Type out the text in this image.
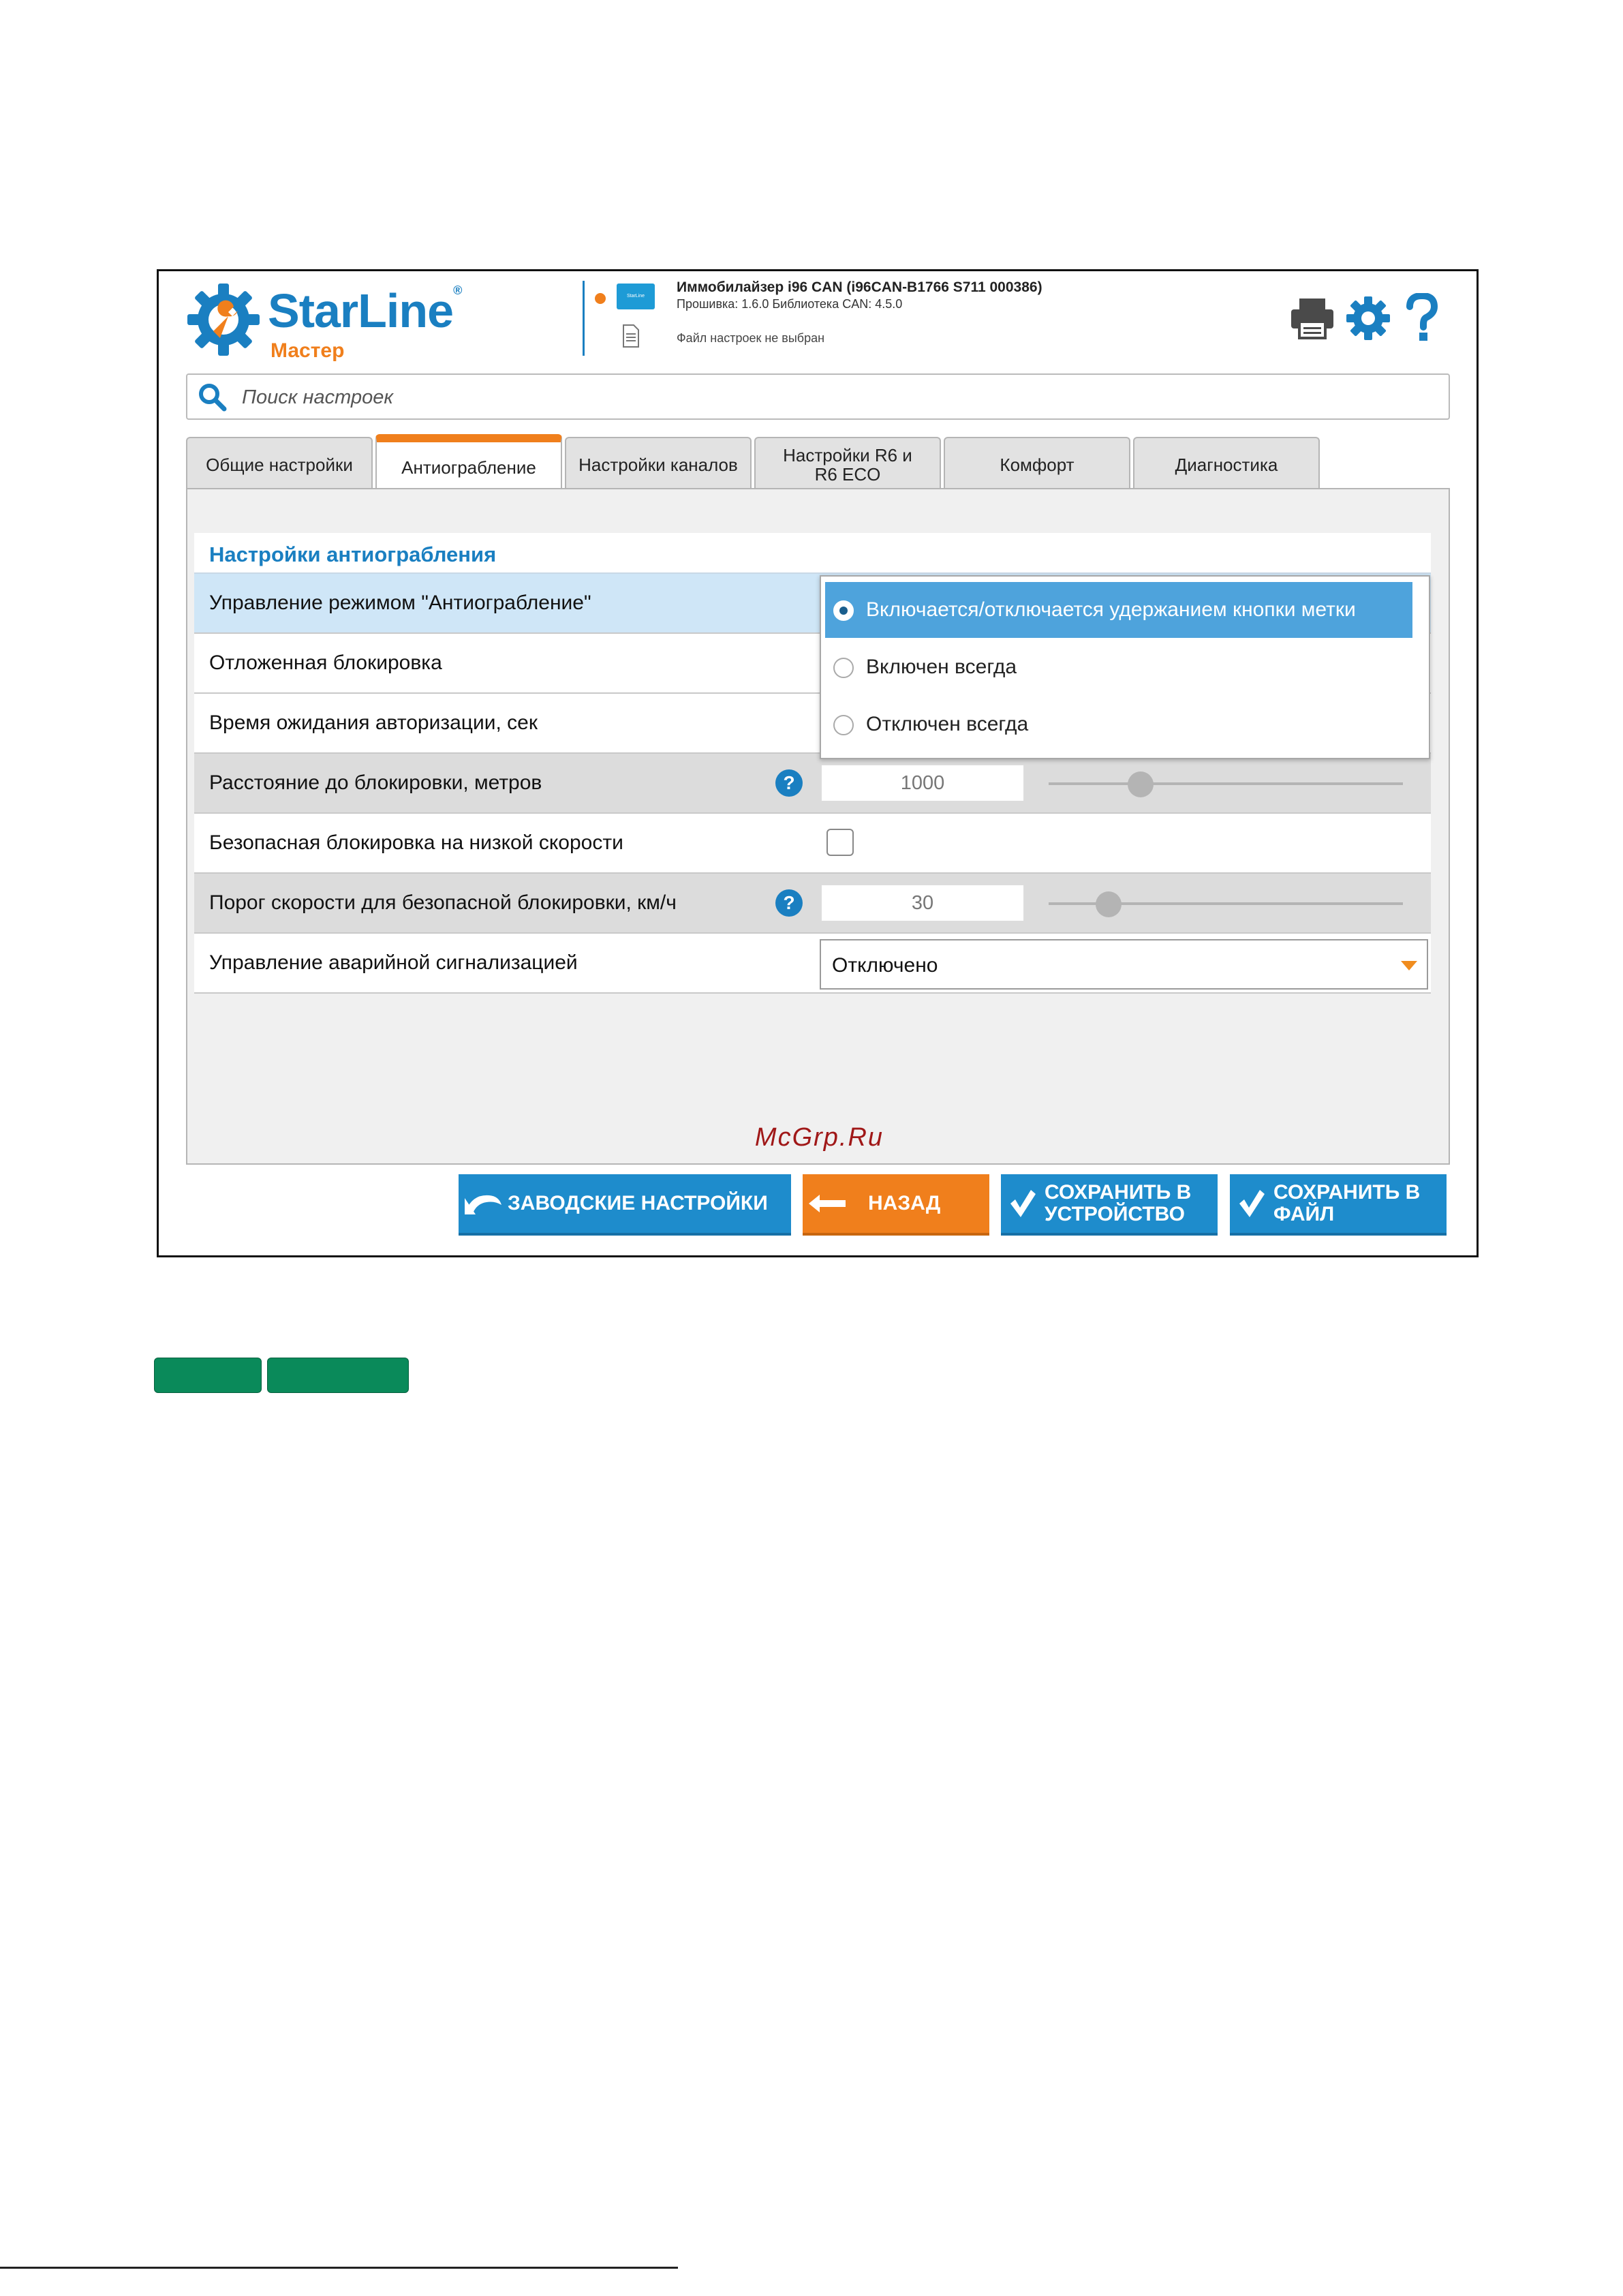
StarLine®
Мастер
StarLine
Иммобилайзер i96 CAN (i96CAN-B1766 S711 000386)
Прошивка: 1.6.0 Библиотека CAN: 4.5.0
Файл настроек не выбран
Поиск настроек
Общие настройки	Антиограбление Настройки каналов	Настройки R6 и R6 ECO	Комфорт	Диагностика
Настройки антиограбления
Управление режимом "Антиограбление"
Отложенная блокировка
Время ожидания авторизации, сек
Расстояние до блокировки, метров	?	1000
Безопасная блокировка на низкой скорости
Порог скорости для безопасной блокировки, км/ч	?	30
Управление аварийной сигнализацией	Отключено
Включается/отключается удержанием кнопки метки
Включен всегда
Отключен всегда
McGrp.Ru
ЗАВОДСКИЕ НАСТРОЙКИ	НАЗАД	СОХРАНИТЬ В УСТРОЙСТВО
СОХРАНИТЬ В ФАЙЛ
